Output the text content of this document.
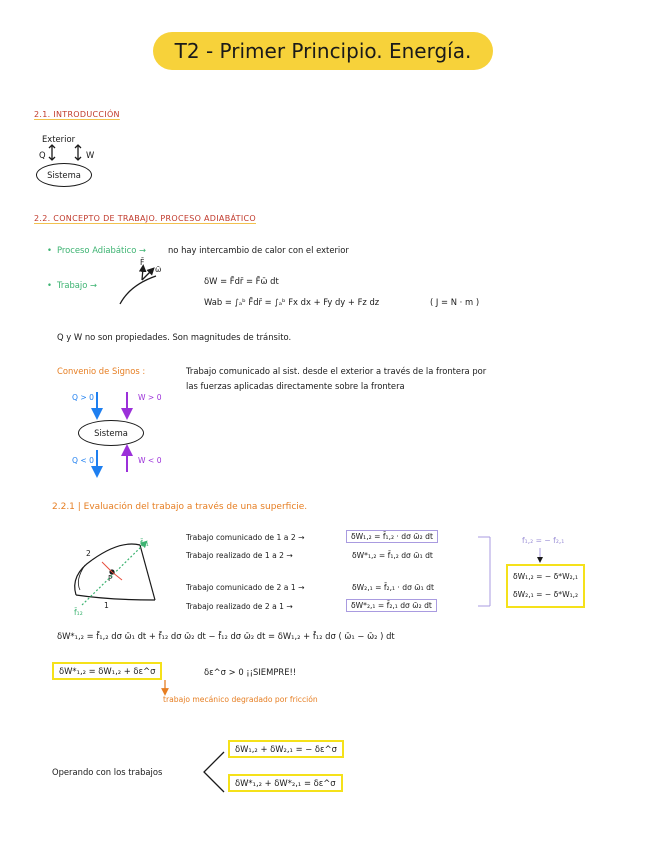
T2 - Primer Principio. Energía.
2.1. INTRODUCCIÓN
Exterior
Q	W
Sistema
2.2. CONCEPTO DE TRABAJO. PROCESO ADIABÁTICO
• Proceso Adiabático →	no hay intercambio de calor con el exterior
• Trabajo →
F̄
ω̄
δW = F̄dr̄ = F̄ω̄ dt
Wab = ∫ₐᵇ F̄dr̄ = ∫ₐᵇ Fx dx + Fy dy + Fz dz	( J = N · m )
Q y W no son propiedades. Son magnitudes de tránsito.
Convenio de Signos :	Trabajo comunicado al sist. desde el exterior a través de la frontera por
las fuerzas aplicadas directamente sobre la frontera
Q > 0	W > 0
Sistema
Q < 0	W < 0
2.2.1 | Evaluación del trabajo a través de una superficie.
f̄₂₁
f̄₁₂
P
2
1
Trabajo comunicado de 1 a 2 →	δW₁,₂ = f̄₁,₂ · dσ ω̄₂ dt
Trabajo realizado de 1 a 2 →	δW*₁,₂ = f̄₁,₂ dσ ω̄₁ dt
Trabajo comunicado de 2 a 1 →	δW₂,₁ = f̄₂,₁ · dσ ω̄₁ dt
Trabajo realizado de 2 a 1 →	δW*₂,₁ = f̄₂,₁ dσ ω̄₂ dt
f₁,₂ = − f₂,₁
δW₁,₂ = − δ*W₂,₁
δW₂,₁ = − δ*W₁,₂
δW*₁,₂ = f̄₁,₂ dσ ω̄₁ dt + f̄₁₂ dσ ω̄₂ dt − f̄₁₂ dσ ω̄₂ dt = δW₁,₂ + f̄₁₂ dσ ( ω̄₁ − ω̄₂ ) dt
δW*₁,₂ = δW₁,₂ + δε^σ	δε^σ > 0 ¡¡SIEMPRE!!
trabajo mecánico degradado por fricción
Operando con los trabajos
δW₁,₂ + δW₂,₁ = − δε^σ
δW*₁,₂ + δW*₂,₁ = δε^σ
